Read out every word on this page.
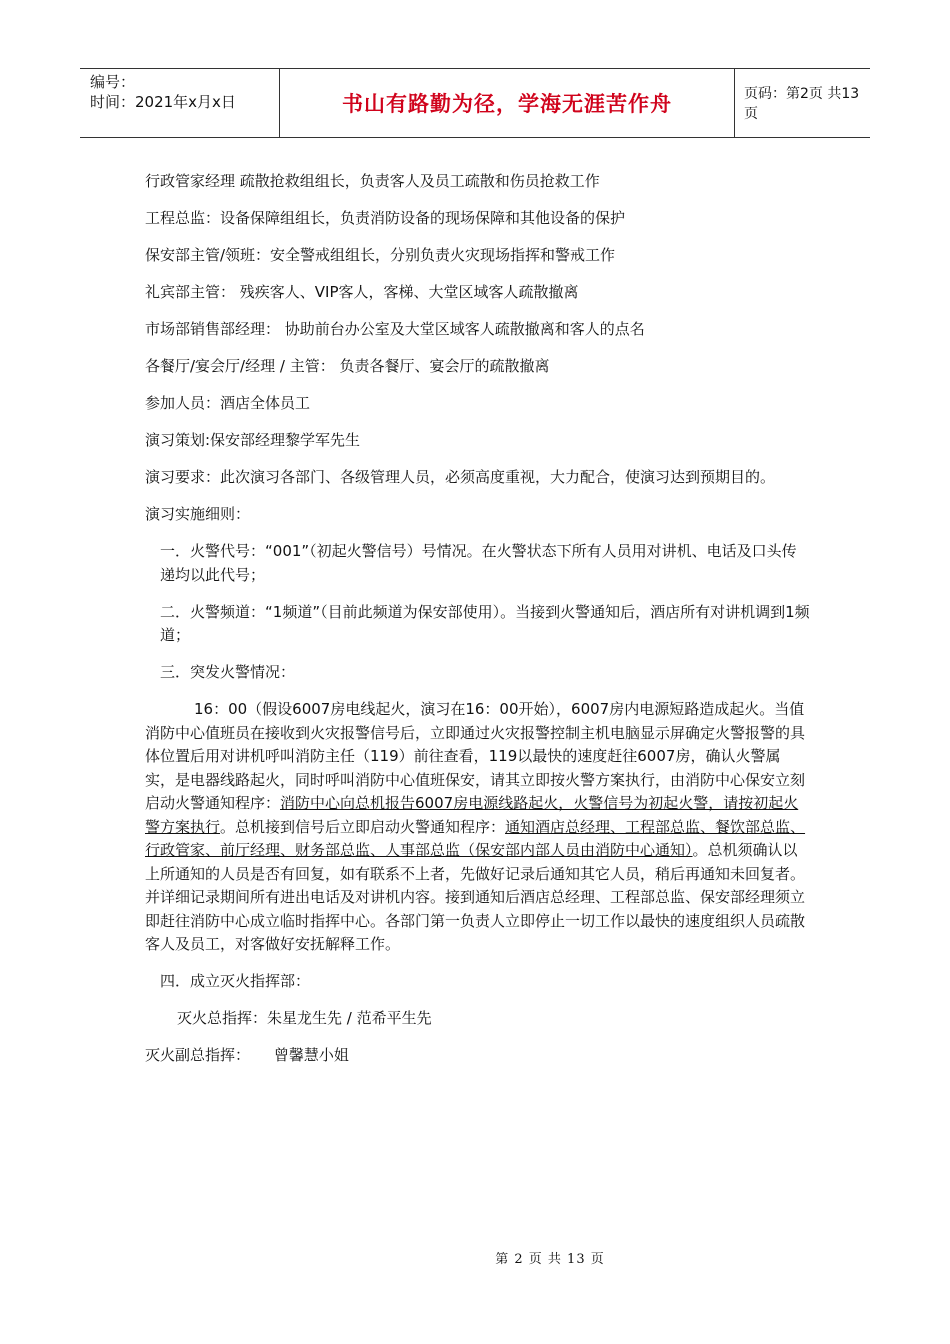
编号：
时间：2021年x月x日	书山有路勤为径，学海无涯苦作舟	页码：第2页 共13页

行政管家经理 疏散抢救组组长，负责客人及员工疏散和伤员抢救工作

工程总监：设备保障组组长，负责消防设备的现场保障和其他设备的保护

保安部主管/领班：安全警戒组组长，分别负责火灾现场指挥和警戒工作

礼宾部主管： 残疾客人、VIP客人，客梯、大堂区域客人疏散撤离

市场部销售部经理： 协助前台办公室及大堂区域客人疏散撤离和客人的点名

各餐厅/宴会厅/经理 / 主管： 负责各餐厅、宴会厅的疏散撤离

参加人员：酒店全体员工

演习策划:保安部经理黎学军先生

演习要求：此次演习各部门、各级管理人员，必须高度重视，大力配合，使演习达到预期目的。

演习实施细则：

一．火警代号：“001”（初起火警信号）号情况。在火警状态下所有人员用对讲机、电话及口头传递均以此代号；

二．火警频道：“1频道”（目前此频道为保安部使用）。当接到火警通知后，酒店所有对讲机调到1频道；

三．突发火警情况：

16：00（假设6007房电线起火，演习在16：00开始），6007房内电源短路造成起火。当值消防中心值班员在接收到火灾报警信号后，立即通过火灾报警控制主机电脑显示屏确定火警报警的具体位置后用对讲机呼叫消防主任（119）前往查看，119以最快的速度赶往6007房，确认火警属实，是电器线路起火，同时呼叫消防中心值班保安，请其立即按火警方案执行，由消防中心保安立刻启动火警通知程序：消防中心向总机报告6007房电源线路起火，火警信号为初起火警，请按初起火警方案执行。总机接到信号后立即启动火警通知程序：通知酒店总经理、工程部总监、餐饮部总监、行政管家、前厅经理、财务部总监、人事部总监（保安部内部人员由消防中心通知）。总机须确认以上所通知的人员是否有回复，如有联系不上者，先做好记录后通知其它人员，稍后再通知未回复者。并详细记录期间所有进出电话及对讲机内容。接到通知后酒店总经理、工程部总监、保安部经理须立即赶往消防中心成立临时指挥中心。各部门第一负责人立即停止一切工作以最快的速度组织人员疏散客人及员工，对客做好安抚解释工作。

四．成立灭火指挥部：

灭火总指挥：朱星龙生先 / 范希平生先

灭火副总指挥：     曾馨慧小姐

第 2 页 共 13 页
